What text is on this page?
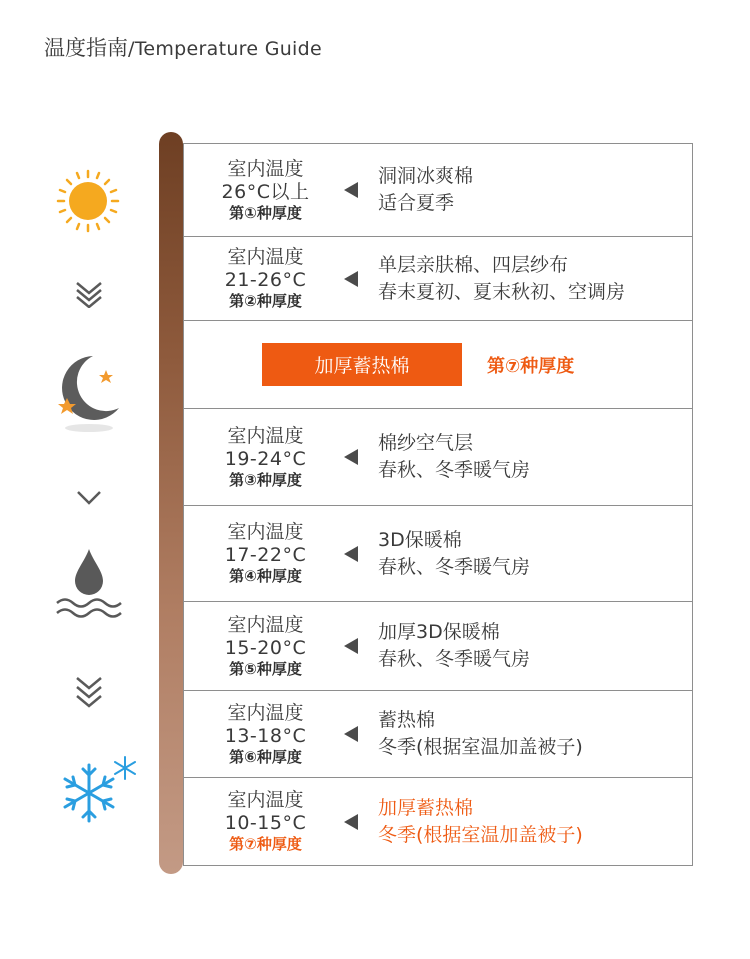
温度指南/Temperature Guide
室内温度
26°C以上
第①种厚度
洞洞冰爽棉
适合夏季
室内温度
21-26°C
第②种厚度
单层亲肤棉、四层纱布
春末夏初、夏末秋初、空调房
加厚蓄热棉	第⑦种厚度
室内温度
19-24°C
第③种厚度
棉纱空气层
春秋、冬季暖气房
室内温度
17-22°C
第④种厚度
3D保暖棉
春秋、冬季暖气房
室内温度
15-20°C
第⑤种厚度
加厚3D保暖棉
春秋、冬季暖气房
室内温度
13-18°C
第⑥种厚度
蓄热棉
冬季(根据室温加盖被子)
室内温度
10-15°C
第⑦种厚度
加厚蓄热棉
冬季(根据室温加盖被子)
